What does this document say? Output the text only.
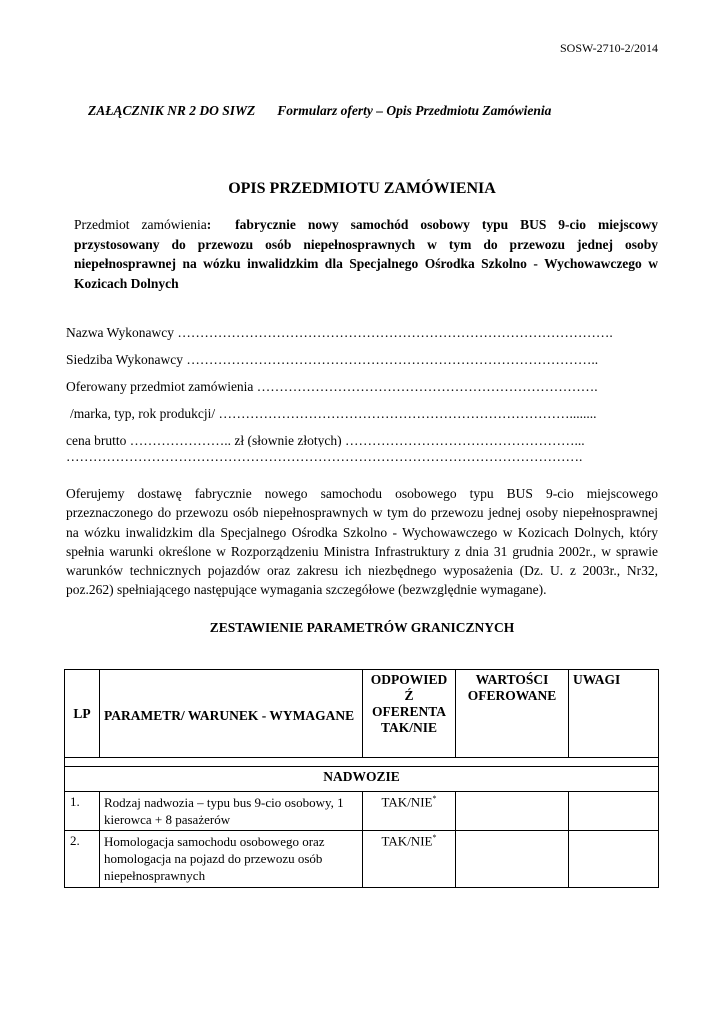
SOSW-2710-2/2014
ZAŁĄCZNIK NR 2 DO SIWZ Formularz oferty – Opis Przedmiotu Zamówienia
OPIS PRZEDMIOTU ZAMÓWIENIA
Przedmiot zamówienia: fabrycznie nowy samochód osobowy typu BUS 9-cio miejscowy przystosowany do przewozu osób niepełnosprawnych w tym do przewozu jednej osoby niepełnosprawnej na wózku inwalidzkim dla Specjalnego Ośrodka Szkolno - Wychowawczego w Kozicach Dolnych
Nazwa Wykonawcy …………………………………………………………………………………….
Siedziba Wykonawcy ………………………………………………………………………………..
Oferowany przedmiot zamówienia ………………………………………………………………….
/marka, typ, rok produkcji/ ……………………………………………………………………........
cena brutto ………………….. zł (słownie złotych) ……………………………………………...
…………………………………………………………………………………………………….
Oferujemy dostawę fabrycznie nowego samochodu osobowego typu BUS 9-cio miejscowego przeznaczonego do przewozu osób niepełnosprawnych w tym do przewozu jednej osoby niepełnosprawnej na wózku inwalidzkim dla Specjalnego Ośrodka Szkolno - Wychowawczego w Kozicach Dolnych, który spełnia warunki określone w Rozporządzeniu Ministra Infrastruktury z dnia 31 grudnia 2002r., w sprawie warunków technicznych pojazdów oraz zakresu ich niezbędnego wyposażenia (Dz. U. z 2003r., Nr32, poz.262) spełniającego następujące wymagania szczegółowe (bezwzględnie wymagane).
ZESTAWIENIE PARAMETRÓW GRANICZNYCH
LP	PARAMETR/ WARUNEK - WYMAGANE	ODPOWIED
Ź
OFERENTA
TAK/NIE	WARTOŚCI
OFEROWANE	UWAGI

NADWOZIE				
1.	Rodzaj nadwozia – typu bus 9-cio osobowy, 1 kierowca + 8 pasażerów	TAK/NIE*		
2.	Homologacja samochodu osobowego oraz homologacja na pojazd do przewozu osób niepełnosprawnych	TAK/NIE*		
